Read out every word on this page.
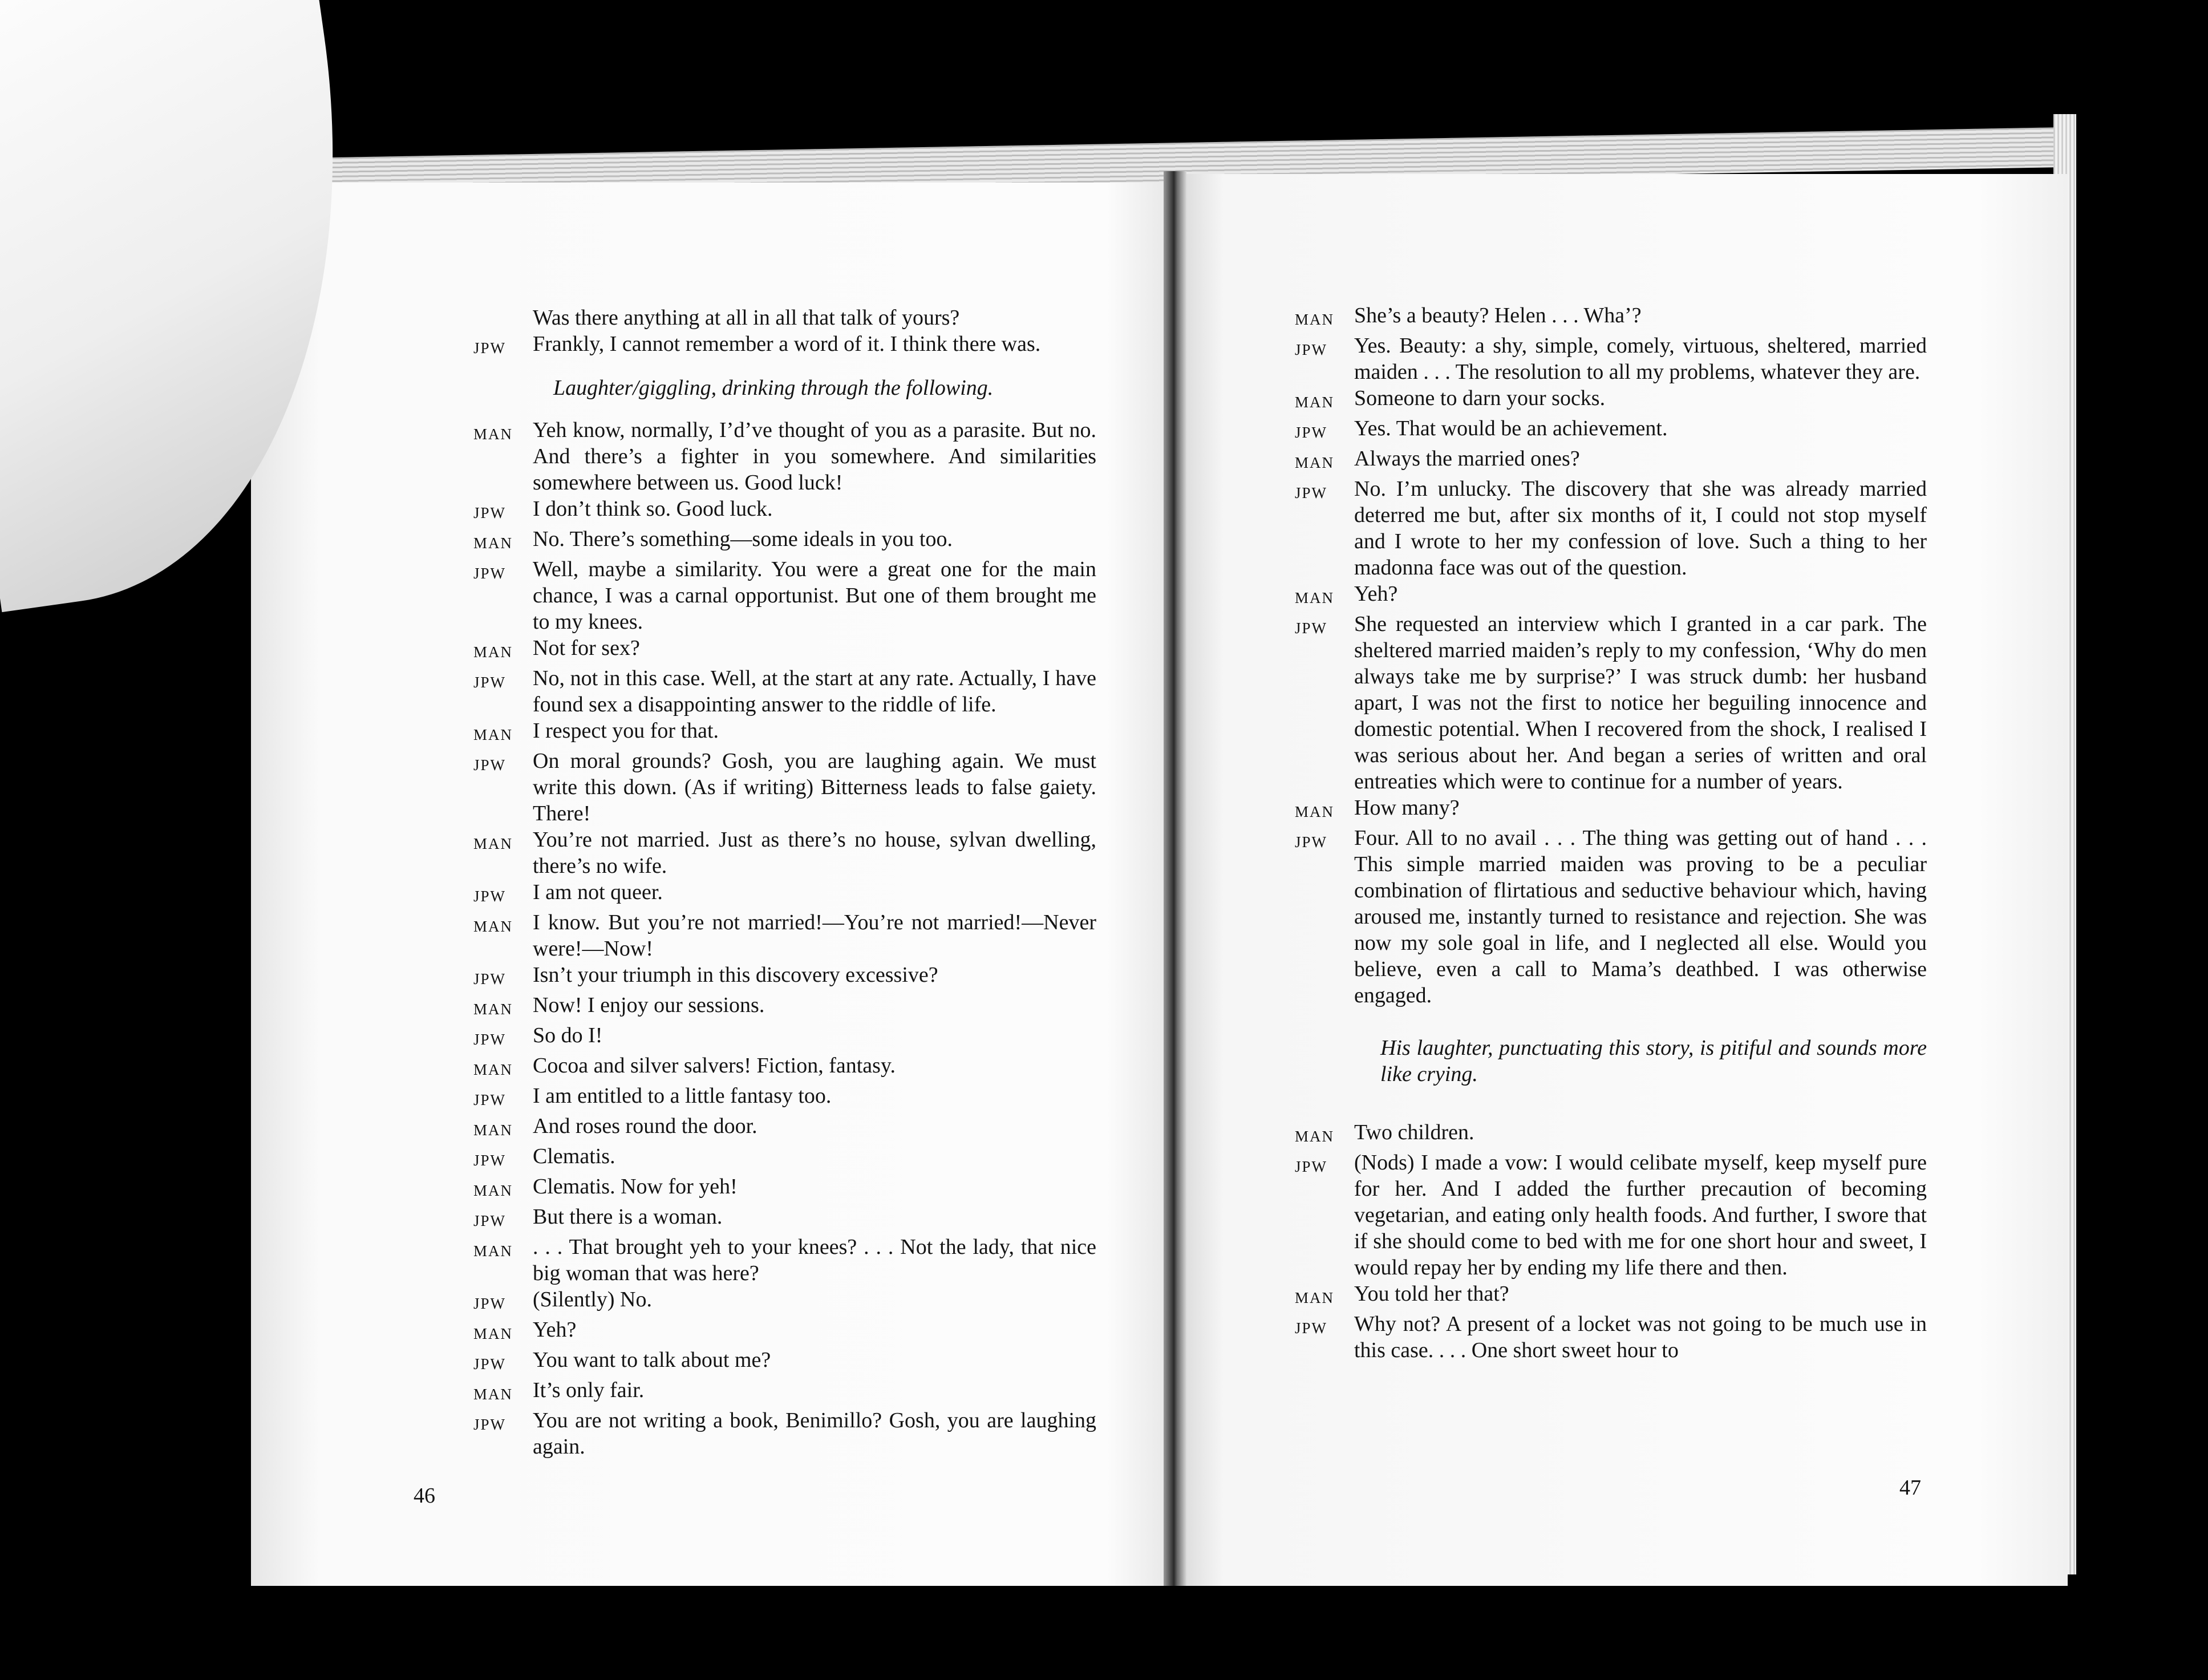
Was there anything at all in all that talk of yours?
JPW	Frankly, I cannot remember a word of it. I think there was.
Laughter/giggling, drinking through the following.
MAN Yeh know, normally, I’d’ve thought of you as a parasite. But no. And there’s a fighter in you somewhere. And similarities somewhere between us. Good luck!
JPW	I don’t think so. Good luck.
MAN No. There’s something—some ideals in you too.
JPW	Well, maybe a similarity. You were a great one for the main chance, I was a carnal opportunist. But one of them brought me to my knees.
MAN Not for sex?
JPW	No, not in this case. Well, at the start at any rate. Actually, I have found sex a disappointing answer to the riddle of life.
MAN I respect you for that.
JPW	On moral grounds? Gosh, you are laughing again. We must write this down. (As if writing) Bitterness leads to false gaiety. There!
MAN You’re not married. Just as there’s no house, sylvan dwelling, there’s no wife.
JPW	I am not queer.
MAN I know. But you’re not married!—You’re not married!—Never were!—Now!
JPW	Isn’t your triumph in this discovery excessive?
MAN Now! I enjoy our sessions.
JPW	So do I!
MAN Cocoa and silver salvers! Fiction, fantasy.
JPW	I am entitled to a little fantasy too.
MAN And roses round the door.
JPW	Clematis.
MAN Clematis. Now for yeh!
JPW	But there is a woman.
MAN . . . That brought yeh to your knees? . . . Not the lady, that nice big woman that was here?
JPW	(Silently) No.
MAN Yeh?
JPW	You want to talk about me?
MAN It’s only fair.
JPW	You are not writing a book, Benimillo? Gosh, you are laughing again.
46
MAN She’s a beauty? Helen . . . Wha’?
JPW	Yes. Beauty: a shy, simple, comely, virtuous, sheltered, married maiden . . . The resolution to all my problems, whatever they are.
MAN Someone to darn your socks.
JPW	Yes. That would be an achievement.
MAN Always the married ones?
JPW	No. I’m unlucky. The discovery that she was already married deterred me but, after six months of it, I could not stop myself and I wrote to her my confession of love. Such a thing to her madonna face was out of the question.
MAN Yeh?
JPW	She requested an interview which I granted in a car park. The sheltered married maiden’s reply to my confession, ‘Why do men always take me by surprise?’ I was struck dumb: her husband apart, I was not the first to notice her beguiling innocence and domestic potential. When I recovered from the shock, I realised I was serious about her. And began a series of written and oral entreaties which were to continue for a number of years.
MAN How many?
JPW	Four. All to no avail . . . The thing was getting out of hand . . . This simple married maiden was proving to be a peculiar combination of flirtatious and seductive behaviour which, having aroused me, instantly turned to resistance and rejection. She was now my sole goal in life, and I neglected all else. Would you believe, even a call to Mama’s deathbed. I was otherwise engaged.
His laughter, punctuating this story, is pitiful and sounds more like crying.
MAN Two children.
JPW	(Nods) I made a vow: I would celibate myself, keep myself pure for her. And I added the further precaution of becoming vegetarian, and eating only health foods. And further, I swore that if she should come to bed with me for one short hour and sweet, I would repay her by ending my life there and then.
MAN You told her that?
JPW	Why not? A present of a locket was not going to be much use in this case. . . . One short sweet hour to
47
